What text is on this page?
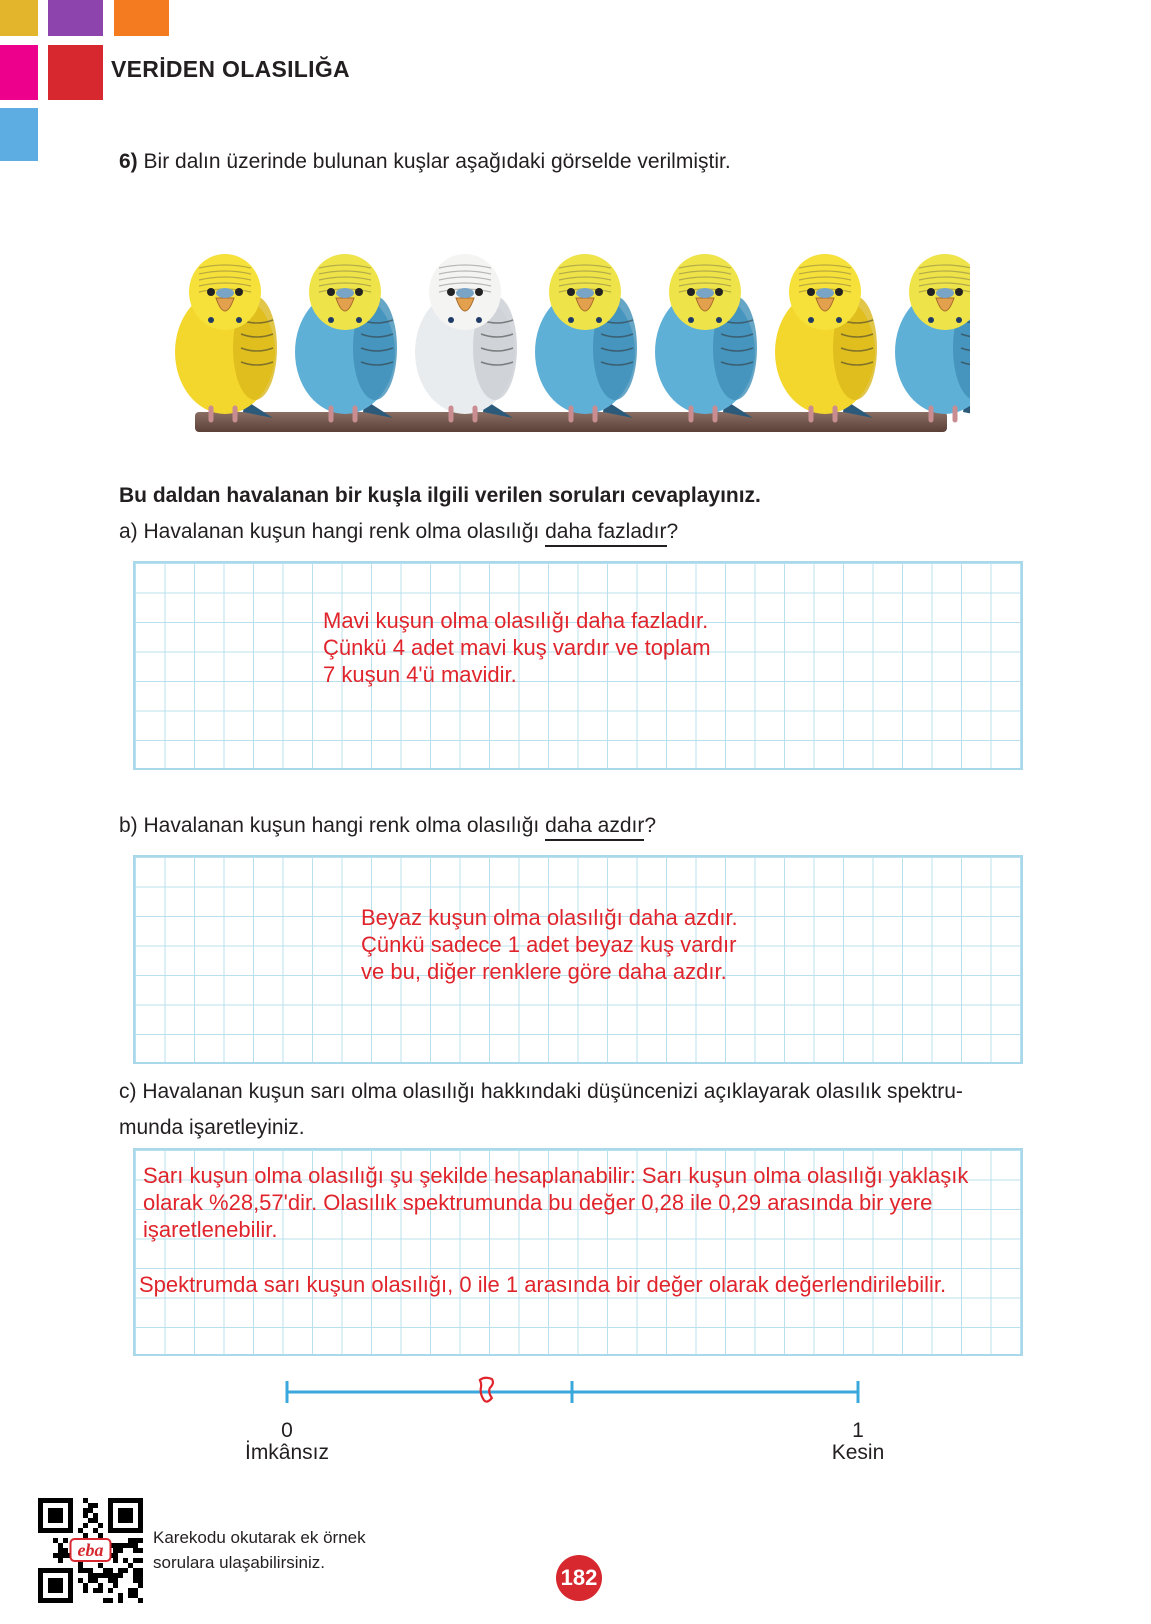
VERİDEN OLASILIĞA
6) Bir dalın üzerinde bulunan kuşlar aşağıdaki görselde verilmiştir.
Bu daldan havalanan bir kuşla ilgili verilen soruları cevaplayınız.
a) Havalanan kuşun hangi renk olma olasılığı daha fazladır?
Mavi kuşun olma olasılığı daha fazladır.
Çünkü 4 adet mavi kuş vardır ve toplam
7 kuşun 4'ü mavidir.
b) Havalanan kuşun hangi renk olma olasılığı daha azdır?
Beyaz kuşun olma olasılığı daha azdır.
Çünkü sadece 1 adet beyaz kuş vardır
ve bu, diğer renklere göre daha azdır.
c) Havalanan kuşun sarı olma olasılığı hakkındaki düşüncenizi açıklayarak olasılık spektru-
munda işaretleyiniz.
Sarı kuşun olma olasılığı şu şekilde hesaplanabilir: Sarı kuşun olma olasılığı yaklaşık
olarak %28,57'dir. Olasılık spektrumunda bu değer 0,28 ile 0,29 arasında bir yere
işaretlenebilir.
Spektrumda sarı kuşun olasılığı, 0 ile 1 arasında bir değer olarak değerlendirilebilir.
0
İmkânsız
1
Kesin
eba
Karekodu okutarak ek örnek
sorulara ulaşabilirsiniz.
182
